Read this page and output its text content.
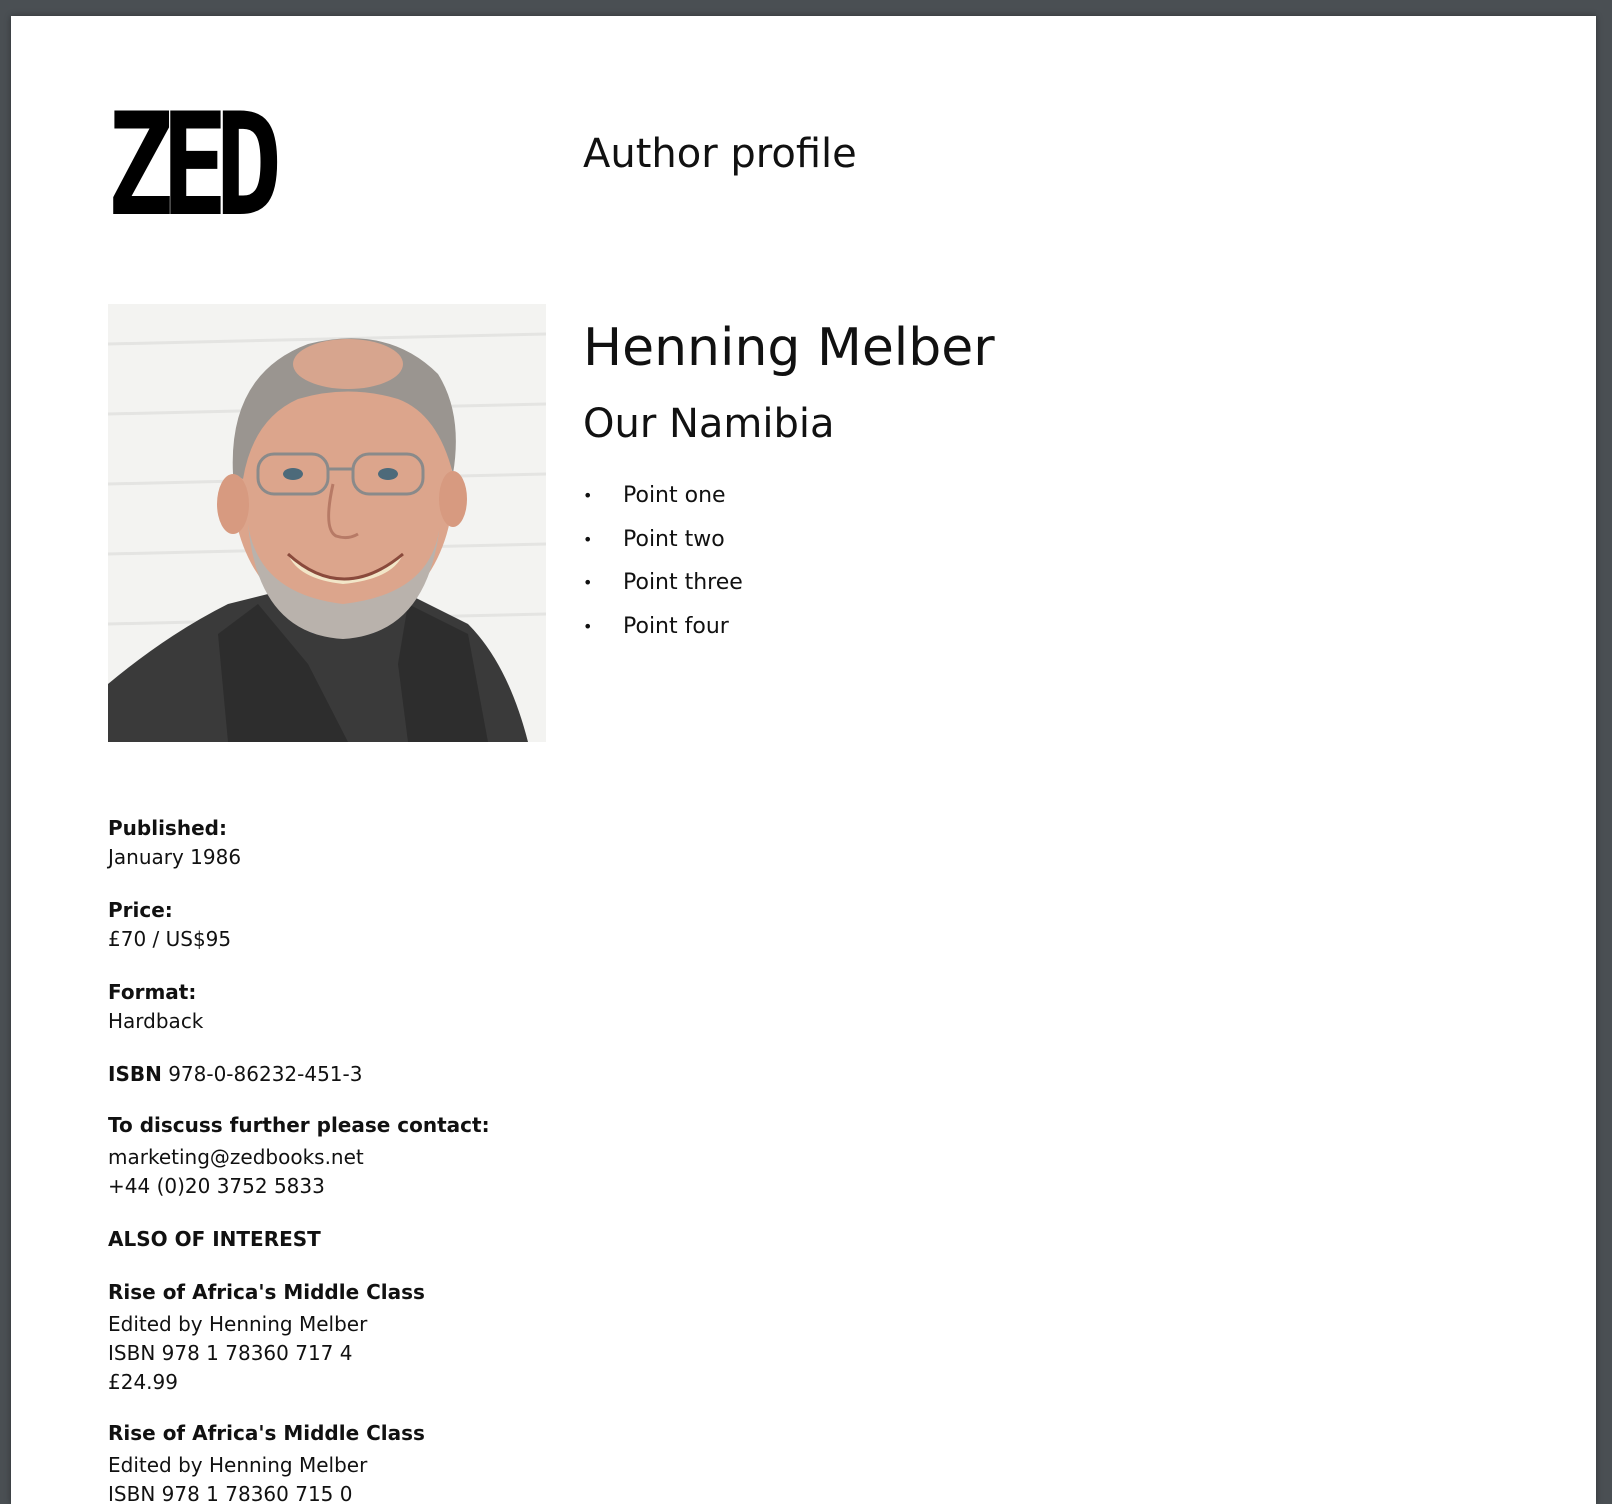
ZED	Author profile
Henning Melber
Our Namibia
• Point one
• Point two
• Point three
• Point four
Published:
January 1986
Price:
£70 / US$95
Format:
Hardback
ISBN 978-0-86232-451-3
To discuss further please contact:
marketing@zedbooks.net
+44 (0)20 3752 5833
ALSO OF INTEREST
Rise of Africa's Middle Class
Edited by Henning Melber
ISBN 978 1 78360 717 4
£24.99
Rise of Africa's Middle Class
Edited by Henning Melber
ISBN 978 1 78360 715 0
